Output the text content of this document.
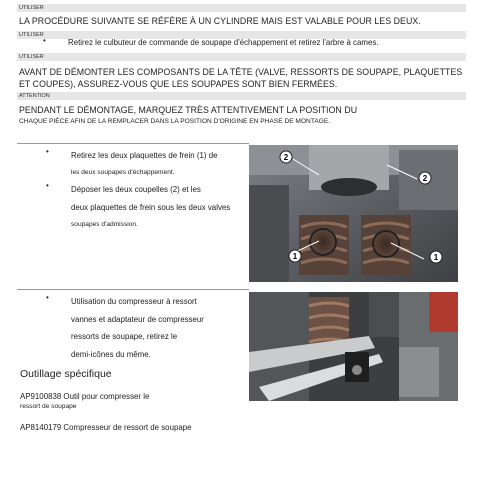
UTILISER
LA PROCÉDURE SUIVANTE SE RÉFÈRE À UN CYLINDRE MAIS EST VALABLE POUR LES DEUX.
UTILISER
•	Retirez le culbuteur de commande de soupape d'échappement et retirez l'arbre à cames.
UTILISER
AVANT DE DÉMONTER LES COMPOSANTS DE LA TÊTE (VALVE, RESSORTS DE SOUPAPE, PLAQUETTES
ET COUPES), ASSUREZ-VOUS QUE LES SOUPAPES SONT BIEN FERMÉES.
ATTENTION
PENDANT LE DÉMONTAGE, MARQUEZ TRÈS ATTENTIVEMENT LA POSITION DU
CHAQUE PIÈCE AFIN DE LA REMPLACER DANS LA POSITION D'ORIGINE EN PHASE DE MONTAGE.
•	Retirez les deux plaquettes de frein (1) de
les deux soupapes d'échappement.
•	Déposer les deux coupelles (2) et les
deux plaquettes de frein sous les deux valves
soupapes d'admission.
2
2
1	1
•	Utilisation du compresseur à ressort
vannes et adaptateur de compresseur
ressorts de soupape, retirez le
demi-icônes du même.
Outillage spécifique
AP9100838 Outil pour compresser le
ressort de soupape
AP8140179 Compresseur de ressort de soupape
